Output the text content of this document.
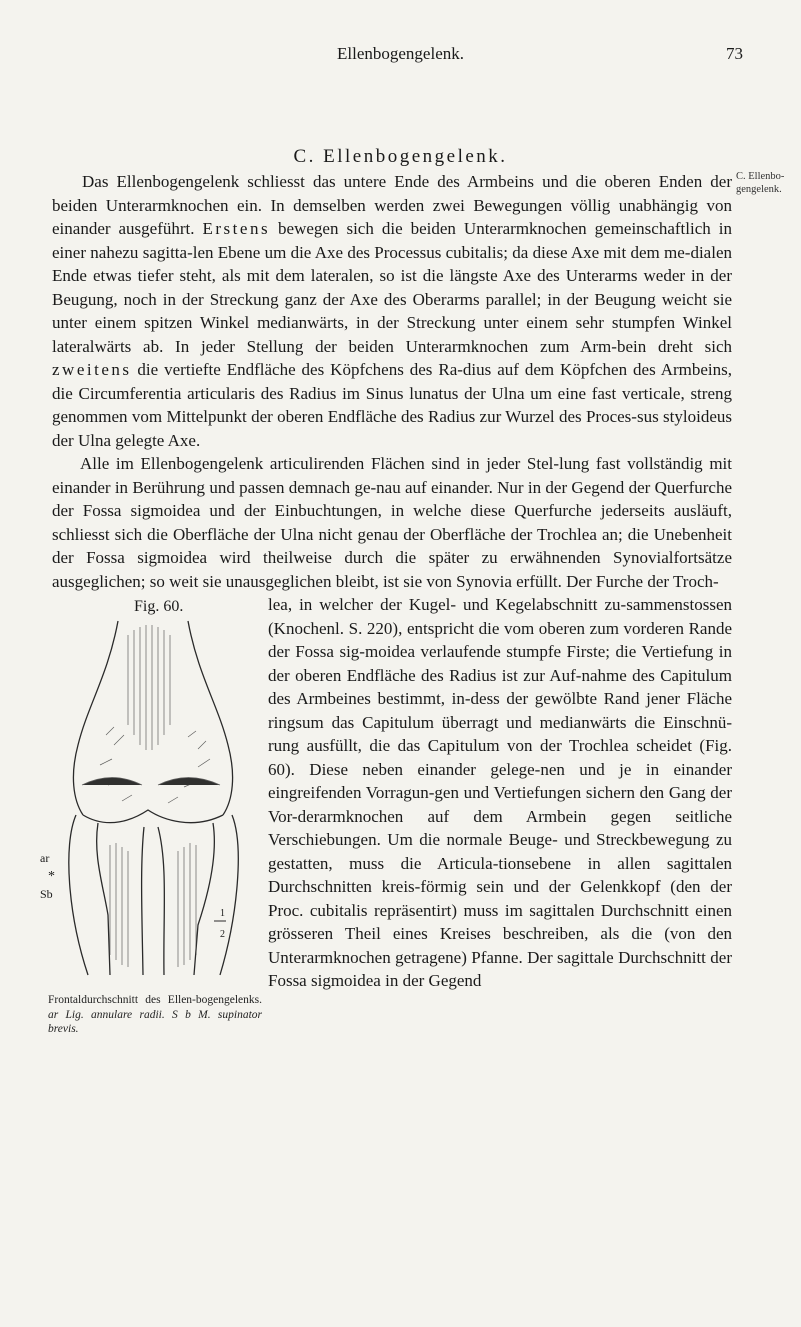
Ellenbogengelenk.	73
C. Ellenbogengelenk.
C. Ellenbo-gengelenk.

Das Ellenbogengelenk schliesst das untere Ende des Armbeins und die oberen Enden der beiden Unterarmknochen ein. In demselben werden zwei Bewegungen völlig unabhängig von einander ausgeführt. Erstens bewegen sich die beiden Unterarmknochen gemeinschaftlich in einer nahezu sagitta-len Ebene um die Axe des Processus cubitalis; da diese Axe mit dem me-dialen Ende etwas tiefer steht, als mit dem lateralen, so ist die längste Axe des Unterarms weder in der Beugung, noch in der Streckung ganz der Axe des Oberarms parallel; in der Beugung weicht sie unter einem spitzen Winkel medianwärts, in der Streckung unter einem sehr stumpfen Winkel lateralwärts ab. In jeder Stellung der beiden Unterarmknochen zum Arm-bein dreht sich zweitens die vertiefte Endfläche des Köpfchens des Ra-dius auf dem Köpfchen des Armbeins, die Circumferentia articularis des Radius im Sinus lunatus der Ulna um eine fast verticale, streng genommen vom Mittelpunkt der oberen Endfläche des Radius zur Wurzel des Proces-sus styloideus der Ulna gelegte Axe.

Alle im Ellenbogengelenk articulirenden Flächen sind in jeder Stel-lung fast vollständig mit einander in Berührung und passen demnach ge-nau auf einander. Nur in der Gegend der Querfurche der Fossa sigmoidea und der Einbuchtungen, in welche diese Querfurche jederseits ausläuft, schliesst sich die Oberfläche der Ulna nicht genau der Oberfläche der Trochlea an; die Unebenheit der Fossa sigmoidea wird theilweise durch die später zu erwähnenden Synovialfortsätze ausgeglichen; so weit sie unausgeglichen bleibt, ist sie von Synovia erfüllt. Der Furche der Troch-

Fig. 60.
ar
*
Sb
1
2
Frontaldurchschnitt des Ellen-bogengelenks. ar Lig. annulare radii. S b M. supinator brevis.

lea, in welcher der Kugel- und Kegelabschnitt zu-sammenstossen (Knochenl. S. 220), entspricht die vom oberen zum vorderen Rande der Fossa sig-moidea verlaufende stumpfe Firste; die Vertiefung in der oberen Endfläche des Radius ist zur Auf-nahme des Capitulum des Armbeines bestimmt, in-dess der gewölbte Rand jener Fläche ringsum das Capitulum überragt und medianwärts die Einschnü-rung ausfüllt, die das Capitulum von der Trochlea scheidet (Fig. 60). Diese neben einander gelege-nen und je in einander eingreifenden Vorragun-gen und Vertiefungen sichern den Gang der Vor-derarmknochen auf dem Armbein gegen seitliche Verschiebungen. Um die normale Beuge- und Streckbewegung zu gestatten, muss die Articula-tionsebene in allen sagittalen Durchschnitten kreis-förmig sein und der Gelenkkopf (den der Proc. cubitalis repräsentirt) muss im sagittalen Durchschnitt einen grösseren Theil eines Kreises beschreiben, als die (von den Unterarmknochen getragene) Pfanne. Der sagittale Durchschnitt der Fossa sigmoidea in der Gegend
